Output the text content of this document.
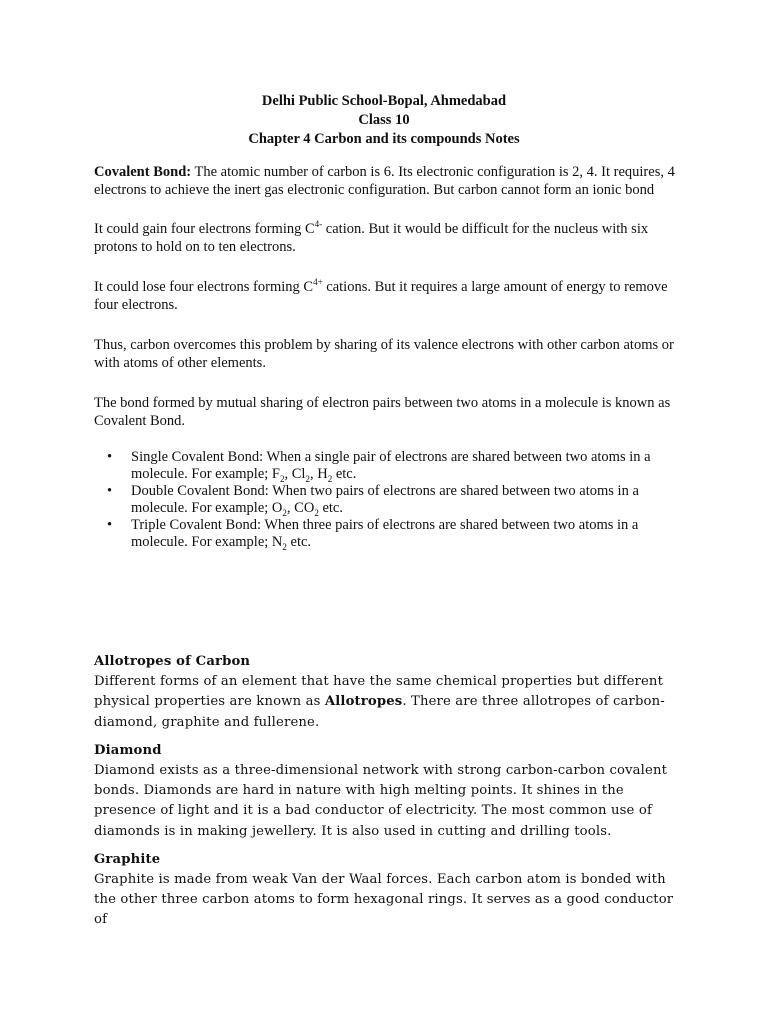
Delhi Public School-Bopal, Ahmedabad
Class 10
Chapter 4 Carbon and its compounds Notes

Covalent Bond: The atomic number of carbon is 6. Its electronic configuration is 2, 4. It requires, 4 electrons to achieve the inert gas electronic configuration. But carbon cannot form an ionic bond

It could gain four electrons forming $C^{4-}$ cation. But it would be difficult for the nucleus with six protons to hold on to ten electrons.

It could lose four electrons forming $C^{4+}$ cations. But it requires a large amount of energy to remove four electrons.

Thus, carbon overcomes this problem by sharing of its valence electrons with other carbon atoms or with atoms of other elements.

The bond formed by mutual sharing of electron pairs between two atoms in a molecule is known as Covalent Bond.

• Single Covalent Bond: When a single pair of electrons are shared between two atoms in a molecule. For example; $F_2$, $Cl_2$, $H_2$ etc.
• Double Covalent Bond: When two pairs of electrons are shared between two atoms in a molecule. For example; $O_2$, $CO_2$ etc.
• Triple Covalent Bond: When three pairs of electrons are shared between two atoms in a molecule. For example; $N_2$ etc.
Allotropes of Carbon

Different forms of an element that have the same chemical properties but different physical properties are known as Allotropes. There are three allotropes of carbon-diamond, graphite and fullerene.

Diamond

Diamond exists as a three-dimensional network with strong carbon-carbon covalent bonds. Diamonds are hard in nature with high melting points. It shines in the presence of light and it is a bad conductor of electricity. The most common use of diamonds is in making jewellery. It is also used in cutting and drilling tools.

Graphite

Graphite is made from weak Van der Waal forces. Each carbon atom is bonded with the other three carbon atoms to form hexagonal rings. It serves as a good conductor of
